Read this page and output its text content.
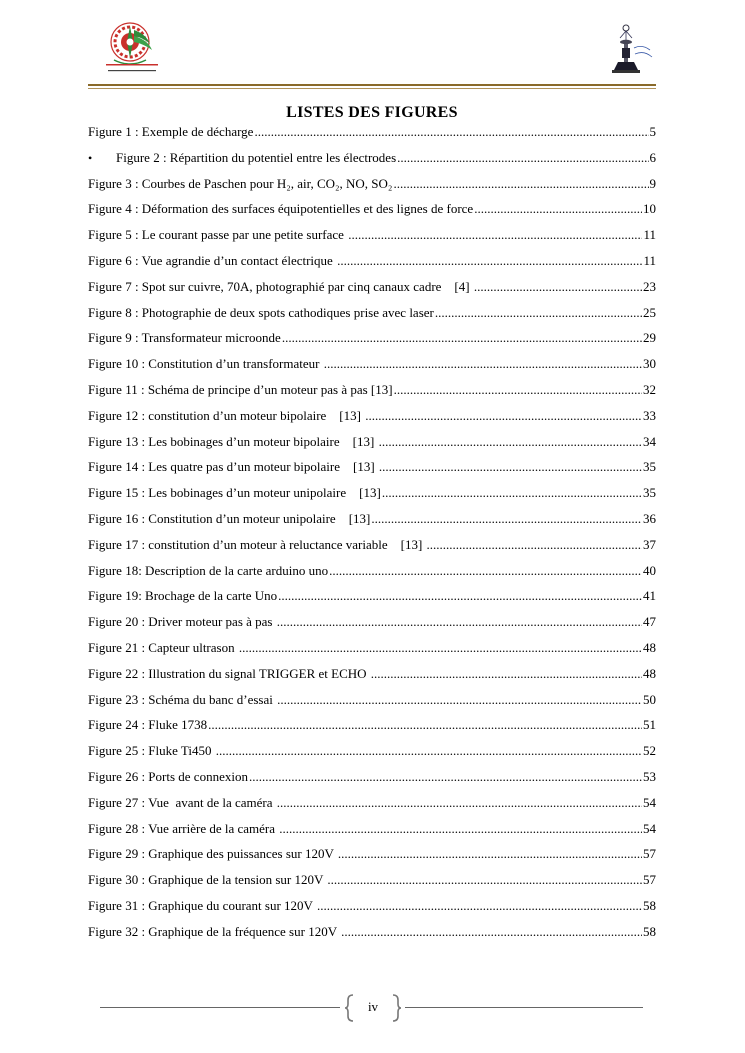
LISTES DES FIGURES
Figure 1 : Exemple de décharge .....	5
•	Figure 2 : Répartition du potentiel entre les électrodes .....	6
Figure 3 : Courbes de Paschen pour H₂, air, CO₂, NO, SO₂ .....	9
Figure 4 : Déformation des surfaces équipotentielles et des lignes de force .....	10
Figure 5 : Le courant passe par une petite surface .....	11
Figure 6 : Vue agrandie d’un contact électrique .....	11
Figure 7 : Spot sur cuivre, 70A, photographié par cinq canaux cadre    [4] .....	23
Figure 8 : Photographie de deux spots cathodiques prise avec laser .....	25
Figure 9 : Transformateur microonde .....	29
Figure 10 : Constitution d’un transformateur .....	30
Figure 11 : Schéma de principe d’un moteur pas à pas [13] .....	32
Figure 12 : constitution d’un moteur bipolaire    [13] .....	33
Figure 13 : Les bobinages d’un moteur bipolaire    [13] .....	34
Figure 14 : Les quatre pas d’un moteur bipolaire    [13] .....	35
Figure 15 : Les bobinages d’un moteur unipolaire    [13] .....	35
Figure 16 : Constitution d’un moteur unipolaire    [13] .....	36
Figure 17 : constitution d’un moteur à reluctance variable    [13] .....	37
Figure 18: Description de la carte arduino uno .....	40
Figure 19: Brochage de la carte Uno .....	41
Figure 20 : Driver moteur pas à pas .....	47
Figure 21 : Capteur ultrason .....	48
Figure 22 : Illustration du signal TRIGGER et ECHO .....	48
Figure 23 : Schéma du banc d’essai .....	50
Figure 24 : Fluke 1738 .....	51
Figure 25 : Fluke Ti450 .....	52
Figure 26 : Ports de connexion .....	53
Figure 27 : Vue  avant de la caméra .....	54
Figure 28 : Vue arrière de la caméra .....	54
Figure 29 : Graphique des puissances sur 120V .....	57
Figure 30 : Graphique de la tension sur 120V .....	57
Figure 31 : Graphique du courant sur 120V .....	58
Figure 32 : Graphique de la fréquence sur 120V .....	58
iv
